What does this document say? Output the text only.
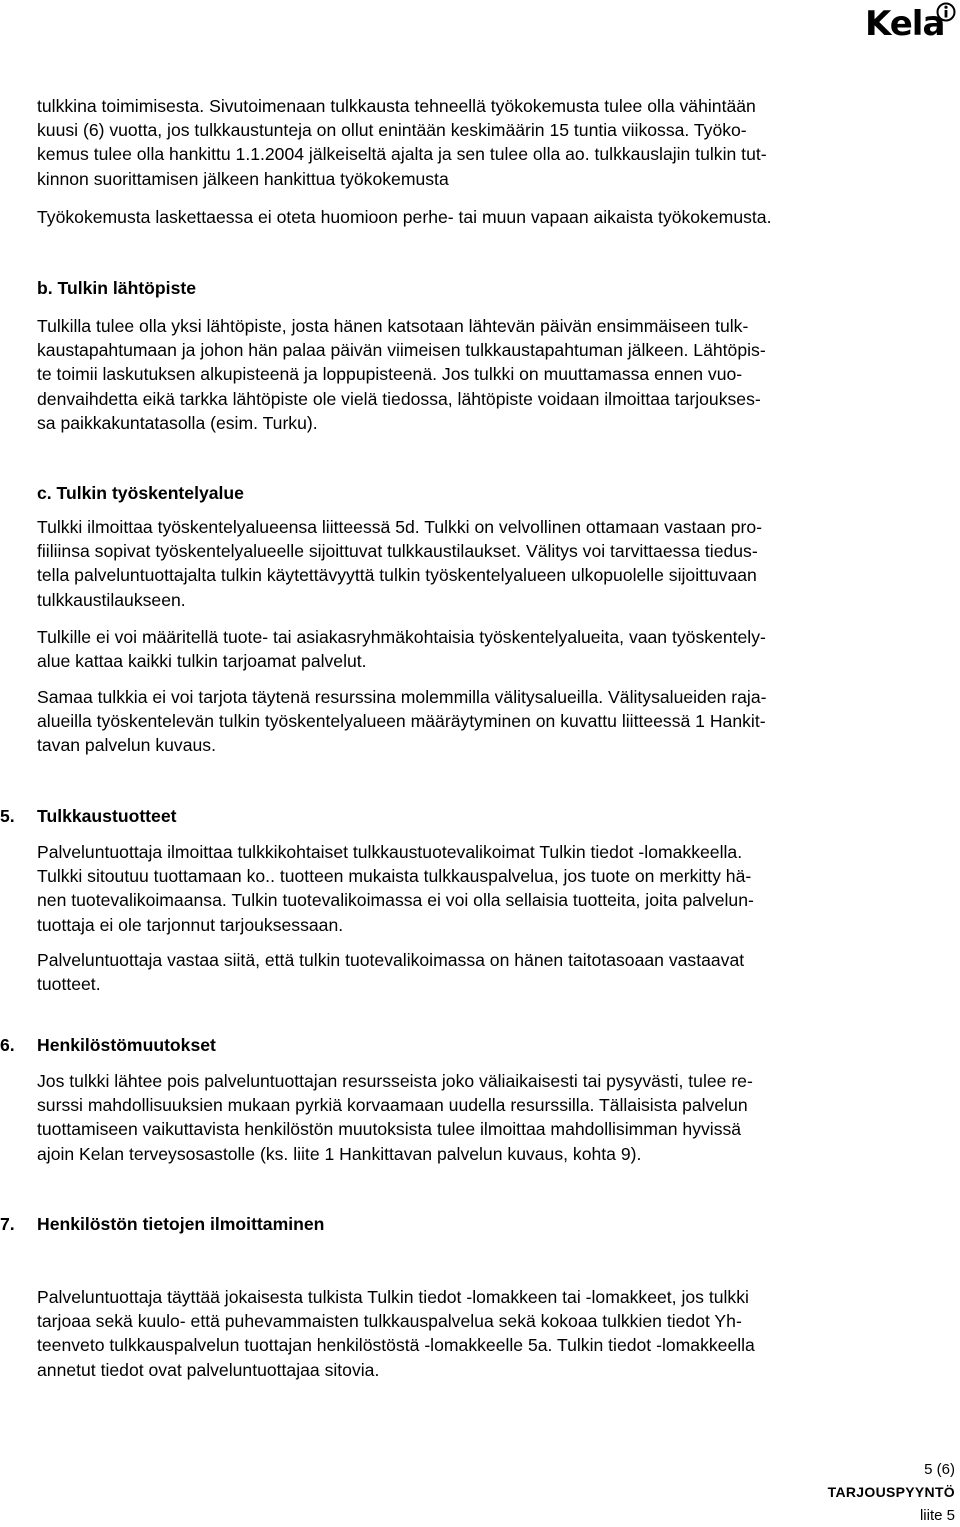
Kela

tulkkina toimimisesta. Sivutoimenaan tulkkausta tehneellä työkokemusta tulee olla vähintään
kuusi (6) vuotta, jos tulkkaustunteja on ollut enintään keskimäärin 15 tuntia viikossa. Työko-
kemus tulee olla hankittu 1.1.2004 jälkeiseltä ajalta ja sen tulee olla ao. tulkkauslajin tulkin tut-
kinnon suorittamisen jälkeen hankittua työkokemusta

Työkokemusta laskettaessa ei oteta huomioon perhe- tai muun vapaan aikaista työkokemusta.

b. Tulkin lähtöpiste

Tulkilla tulee olla yksi lähtöpiste, josta hänen katsotaan lähtevän päivän ensimmäiseen tulk-
kaustapahtumaan ja johon hän palaa päivän viimeisen tulkkaustapahtuman jälkeen. Lähtöpis-
te toimii laskutuksen alkupisteenä ja loppupisteenä. Jos tulkki on muuttamassa ennen vuo-
denvaihdetta eikä tarkka lähtöpiste ole vielä tiedossa, lähtöpiste voidaan ilmoittaa tarjoukses-
sa paikkakuntatasolla (esim. Turku).

c. Tulkin työskentelyalue

Tulkki ilmoittaa työskentelyalueensa liitteessä 5d. Tulkki on velvollinen ottamaan vastaan pro-
fiiliinsa sopivat työskentelyalueelle sijoittuvat tulkkaustilaukset. Välitys voi tarvittaessa tiedus-
tella palveluntuottajalta tulkin käytettävyyttä tulkin työskentelyalueen ulkopuolelle sijoittuvaan
tulkkaustilaukseen.

Tulkille ei voi määritellä tuote- tai asiakasryhmäkohtaisia työskentelyalueita, vaan työskentely-
alue kattaa kaikki tulkin tarjoamat palvelut.

Samaa tulkkia ei voi tarjota täytenä resurssina molemmilla välitysalueilla. Välitysalueiden raja-
alueilla työskentelevän tulkin työskentelyalueen määräytyminen on kuvattu liitteessä 1 Hankit-
tavan palvelun kuvaus.

5. Tulkkaustuotteet

Palveluntuottaja ilmoittaa tulkkikohtaiset tulkkaustuotevalikoimat Tulkin tiedot -lomakkeella.
Tulkki sitoutuu tuottamaan ko.. tuotteen mukaista tulkkauspalvelua, jos tuote on merkitty hä-
nen tuotevalikoimaansa. Tulkin tuotevalikoimassa ei voi olla sellaisia tuotteita, joita palvelun-
tuottaja ei ole tarjonnut tarjouksessaan.

Palveluntuottaja vastaa siitä, että tulkin tuotevalikoimassa on hänen taitotasoaan vastaavat
tuotteet.

6. Henkilöstömuutokset

Jos tulkki lähtee pois palveluntuottajan resursseista joko väliaikaisesti tai pysyvästi, tulee re-
surssi mahdollisuuksien mukaan pyrkiä korvaamaan uudella resurssilla. Tällaisista palvelun
tuottamiseen vaikuttavista henkilöstön muutoksista tulee ilmoittaa mahdollisimman hyvissä
ajoin Kelan terveysosastolle (ks. liite 1 Hankittavan palvelun kuvaus, kohta 9).

7. Henkilöstön tietojen ilmoittaminen

Palveluntuottaja täyttää jokaisesta tulkista Tulkin tiedot -lomakkeen tai -lomakkeet, jos tulkki
tarjoaa sekä kuulo- että puhevammaisten tulkkauspalvelua sekä kokoaa tulkkien tiedot Yh-
teenveto tulkkauspalvelun tuottajan henkilöstöstä -lomakkeelle 5a. Tulkin tiedot -lomakkeella
annetut tiedot ovat palveluntuottajaa sitovia.

5 (6)
TARJOUSPYYNTÖ
liite 5
